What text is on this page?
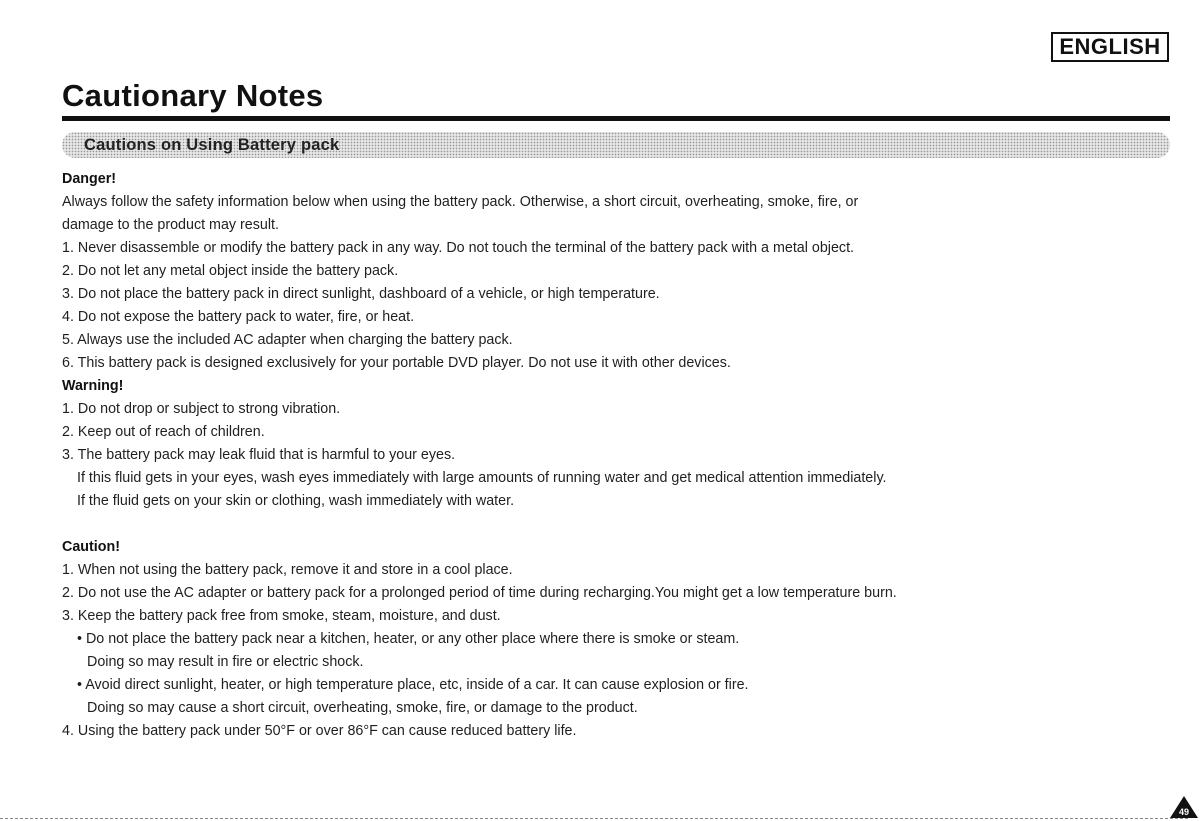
ENGLISH
Cautionary Notes
Cautions on Using Battery pack

Danger!

Always follow the safety information below when using the battery pack. Otherwise, a short circuit, overheating, smoke, fire, or

damage to the product may result.

1. Never disassemble or modify the battery pack in any way. Do not touch the terminal of the battery pack with a metal object.

2. Do not let any metal object inside the battery pack.

3. Do not place the battery pack in direct sunlight, dashboard of a vehicle, or high temperature.

4. Do not expose the battery pack to water, fire, or heat.

5. Always use the included AC adapter when charging the battery pack.

6. This battery pack is designed exclusively for your portable DVD player. Do not use it with other devices.

Warning!

1. Do not drop or subject to strong vibration.

2. Keep out of reach of children.

3. The battery pack may leak fluid that is harmful to your eyes.

If this fluid gets in your eyes, wash eyes immediately with large amounts of running water and get medical attention immediately.

If the fluid gets on your skin or clothing, wash immediately with water.

Caution!

1. When not using the battery pack, remove it and store in a cool place.

2. Do not use the AC adapter or battery pack for a prolonged period of time during recharging.You might get a low temperature burn.

3. Keep the battery pack free from smoke, steam, moisture, and dust.

• Do not place the battery pack near a kitchen, heater, or any other place where there is smoke or steam.

Doing so may result in fire or electric shock.

• Avoid direct sunlight, heater, or high temperature place, etc, inside of a car. It can cause explosion or fire.

Doing so may cause a short circuit, overheating, smoke, fire, or damage to the product.

4. Using the battery pack under 50°F or over 86°F can cause reduced battery life.

49
